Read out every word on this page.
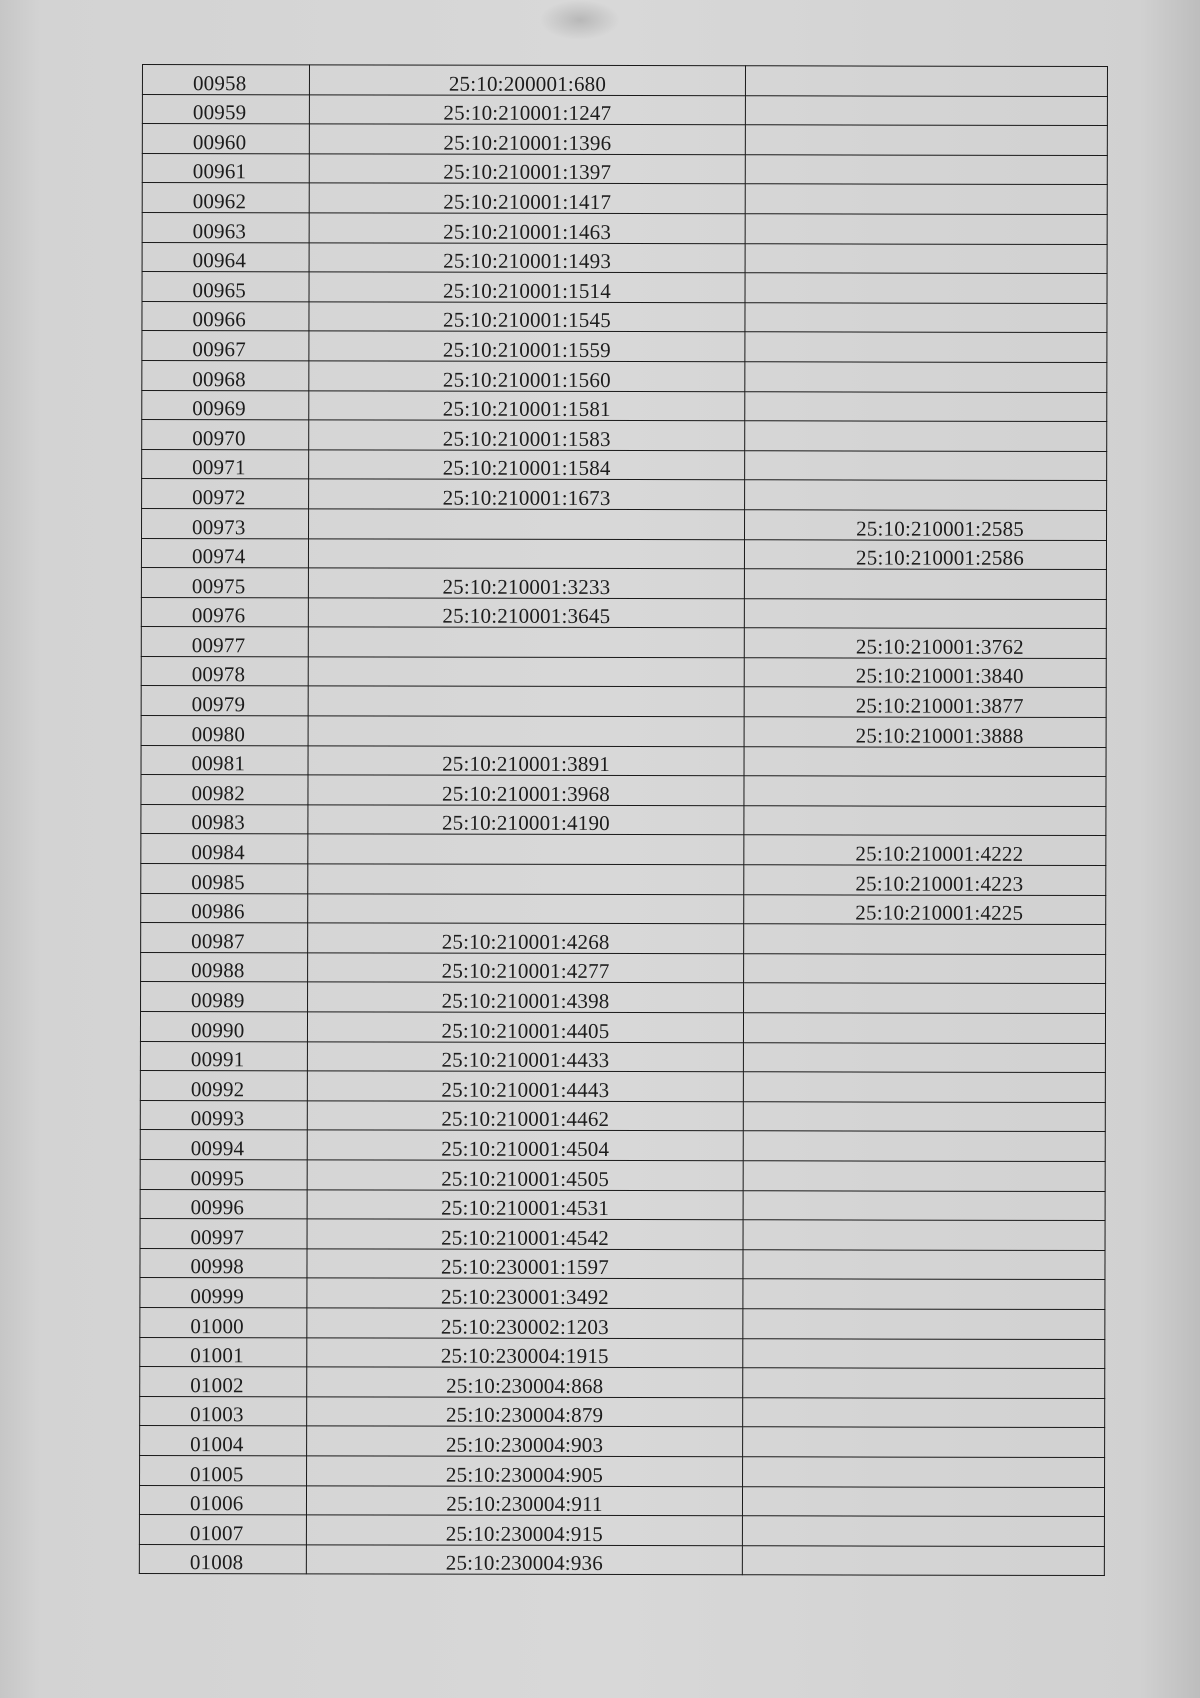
00958	25:10:200001:680	
00959	25:10:210001:1247	
00960	25:10:210001:1396	
00961	25:10:210001:1397	
00962	25:10:210001:1417	
00963	25:10:210001:1463	
00964	25:10:210001:1493	
00965	25:10:210001:1514	
00966	25:10:210001:1545	
00967	25:10:210001:1559	
00968	25:10:210001:1560	
00969	25:10:210001:1581	
00970	25:10:210001:1583	
00971	25:10:210001:1584	
00972	25:10:210001:1673	
00973		25:10:210001:2585
00974		25:10:210001:2586
00975	25:10:210001:3233	
00976	25:10:210001:3645	
00977		25:10:210001:3762
00978		25:10:210001:3840
00979		25:10:210001:3877
00980		25:10:210001:3888
00981	25:10:210001:3891	
00982	25:10:210001:3968	
00983	25:10:210001:4190	
00984		25:10:210001:4222
00985		25:10:210001:4223
00986		25:10:210001:4225
00987	25:10:210001:4268	
00988	25:10:210001:4277	
00989	25:10:210001:4398	
00990	25:10:210001:4405	
00991	25:10:210001:4433	
00992	25:10:210001:4443	
00993	25:10:210001:4462	
00994	25:10:210001:4504	
00995	25:10:210001:4505	
00996	25:10:210001:4531	
00997	25:10:210001:4542	
00998	25:10:230001:1597	
00999	25:10:230001:3492	
01000	25:10:230002:1203	
01001	25:10:230004:1915	
01002	25:10:230004:868	
01003	25:10:230004:879	
01004	25:10:230004:903	
01005	25:10:230004:905	
01006	25:10:230004:911	
01007	25:10:230004:915	
01008	25:10:230004:936	
